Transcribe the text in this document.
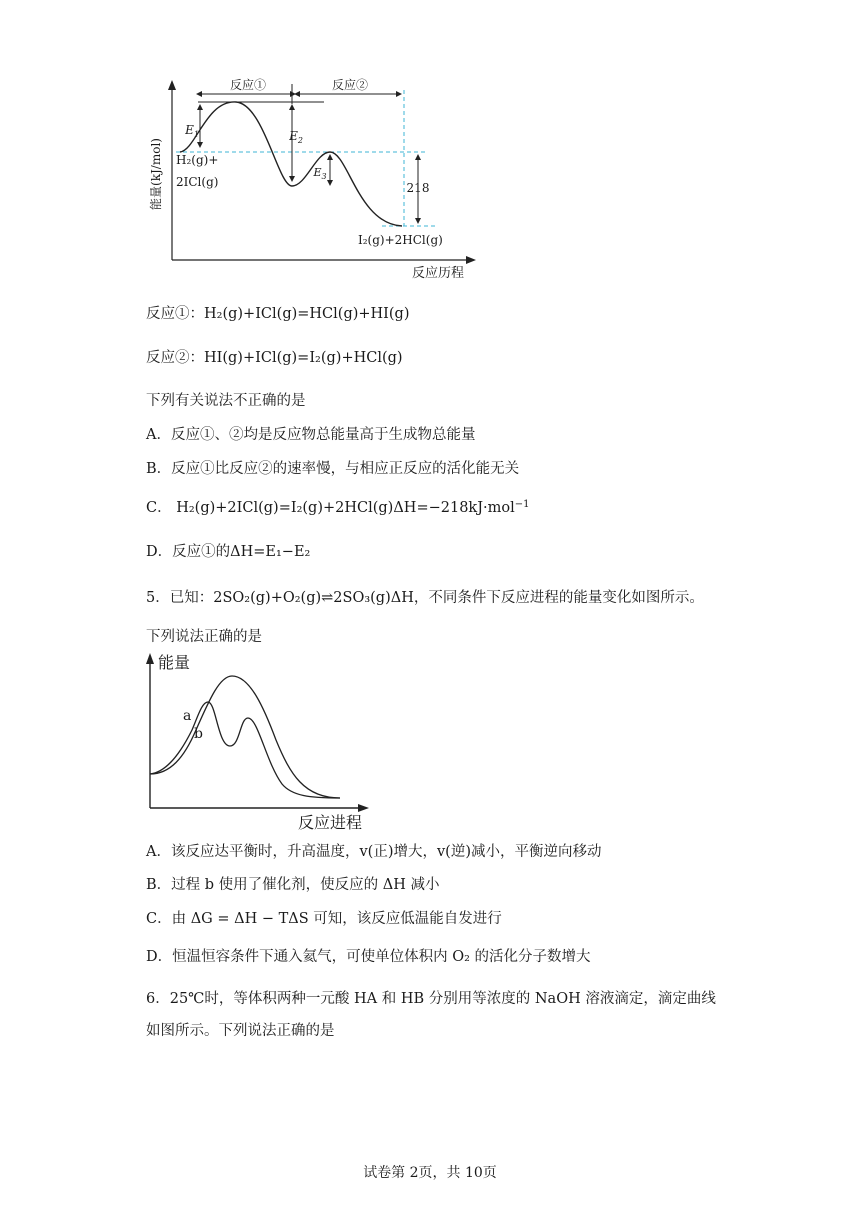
能量(kJ/mol)
反应历程
反应①	反应②
$E_1$	$E_2$
$E_3$
218
H₂(g)+
2ICl(g)
I₂(g)+2HCl(g)
反应①：H₂(g)+ICl(g)=HCl(g)+HI(g)
反应②：HI(g)+ICl(g)=I₂(g)+HCl(g)
下列有关说法不正确的是
A．反应①、②均是反应物总能量高于生成物总能量
B．反应①比反应②的速率慢，与相应正反应的活化能无关
C． H₂(g)+2ICl(g)=I₂(g)+2HCl(g)ΔH=−218kJ·mol$^{-1}$
D．反应①的ΔH=E₁−E₂
5．已知：2SO₂(g)+O₂(g)⇌2SO₃(g)ΔH，不同条件下反应进程的能量变化如图所示。
下列说法正确的是
能量
反应进程
a
b
A．该反应达平衡时，升高温度，v(正)增大，v(逆)减小，平衡逆向移动
B．过程 b 使用了催化剂，使反应的 ΔH 减小
C．由 ΔG = ΔH − TΔS 可知，该反应低温能自发进行
D．恒温恒容条件下通入氦气，可使单位体积内 O₂ 的活化分子数增大
6．25℃时，等体积两种一元酸 HA 和 HB 分别用等浓度的 NaOH 溶液滴定，滴定曲线
如图所示。下列说法正确的是
试卷第 2页，共 10页
